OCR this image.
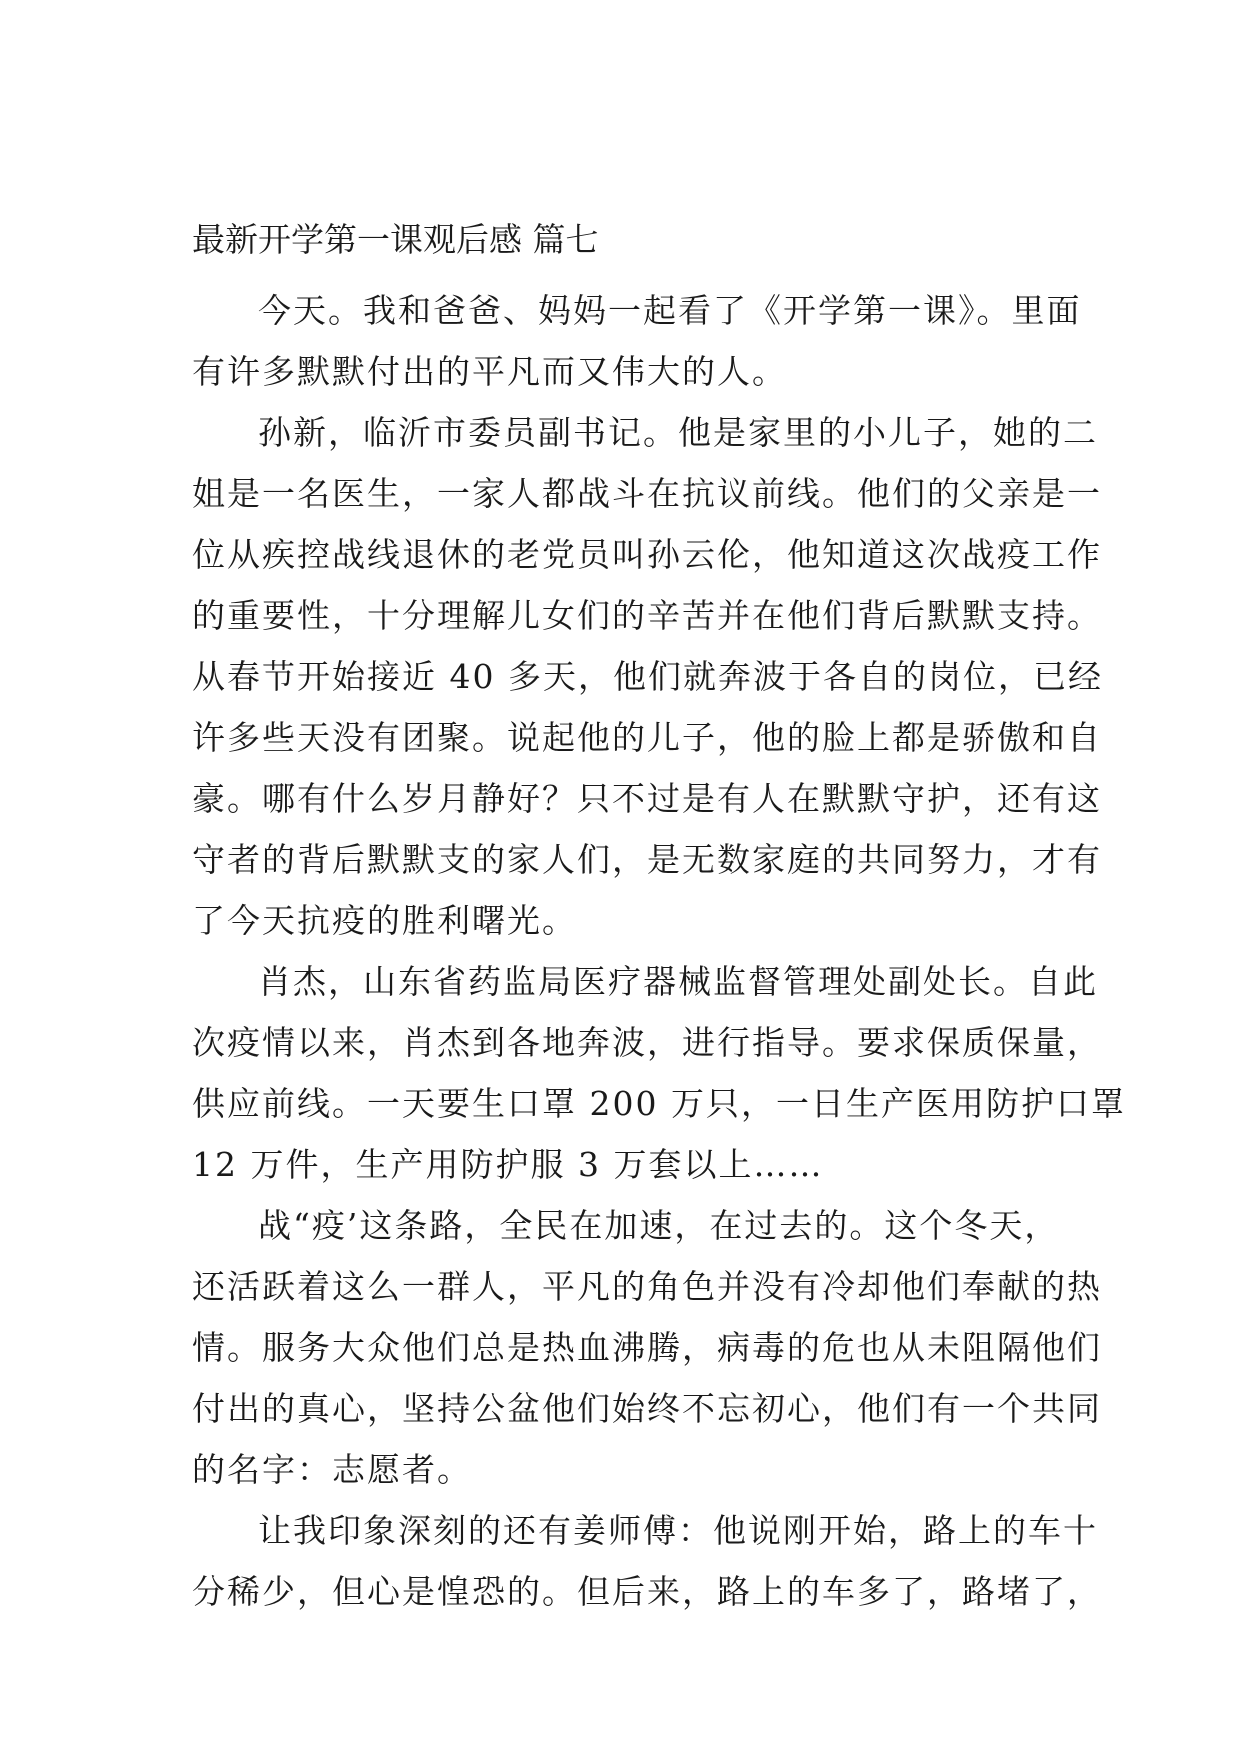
最新开学第一课观后感 篇七
今天。我和爸爸、妈妈一起看了《开学第一课》。里面
有许多默默付出的平凡而又伟大的人。
孙新，临沂市委员副书记。他是家里的小儿子，她的二
姐是一名医生，一家人都战斗在抗议前线。他们的父亲是一
位从疾控战线退休的老党员叫孙云伦，他知道这次战疫工作
的重要性，十分理解儿女们的辛苦并在他们背后默默支持。
从春节开始接近 40 多天，他们就奔波于各自的岗位，已经
许多些天没有团聚。说起他的儿子，他的脸上都是骄傲和自
豪。哪有什么岁月静好？只不过是有人在默默守护，还有这
守者的背后默默支的家人们，是无数家庭的共同努力，才有
了今天抗疫的胜利曙光。
肖杰，山东省药监局医疗器械监督管理处副处长。自此
次疫情以来，肖杰到各地奔波，进行指导。要求保质保量，
供应前线。一天要生口罩 200 万只，一日生产医用防护口罩
12 万件，生产用防护服 3 万套以上……
战“疫’这条路，全民在加速，在过去的。这个冬天，
还活跃着这么一群人，平凡的角色并没有冷却他们奉献的热
情。服务大众他们总是热血沸腾，病毒的危也从未阻隔他们
付出的真心，坚持公盆他们始终不忘初心，他们有一个共同
的名字：志愿者。
让我印象深刻的还有姜师傅：他说刚开始，路上的车十
分稀少，但心是惶恐的。但后来，路上的车多了，路堵了，
